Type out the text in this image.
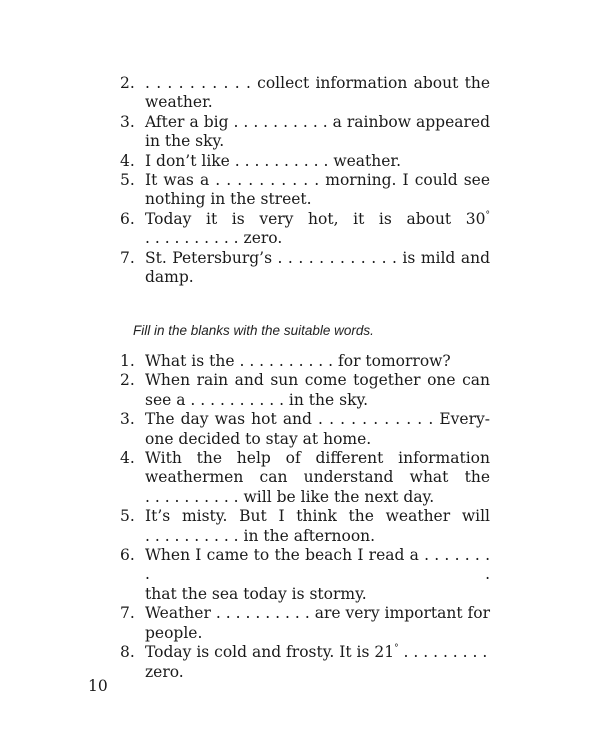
2. . . . . . . . . . . collect information about the
weather.
3. After a big . . . . . . . . . . a rainbow appeared
in the sky.
4. I don’t like . . . . . . . . . . weather.
5. It was a . . . . . . . . . . morning. I could see
nothing in the street.
6. Today it is very hot, it is about 30°
. . . . . . . . . . zero.
7. St. Petersburg’s . . . . . . . . . . . . is mild and
damp.
Fill in the blanks with the suitable words.
1. What is the . . . . . . . . . . for tomorrow?
2. When rain and sun come together one can
see a . . . . . . . . . . in the sky.
3. The day was hot and . . . . . . . . . . . Every-
one decided to stay at home.
4. With the help of different information
weathermen can understand what the
. . . . . . . . . . will be like the next day.
5. It’s misty. But I think the weather will
. . . . . . . . . . in the afternoon.
6. When I came to the beach I read a . . . . . . . . .
that the sea today is stormy.
7. Weather . . . . . . . . . . are very important for
people.
8. Today is cold and frosty. It is 21° . . . . . . . . .
zero.
10
